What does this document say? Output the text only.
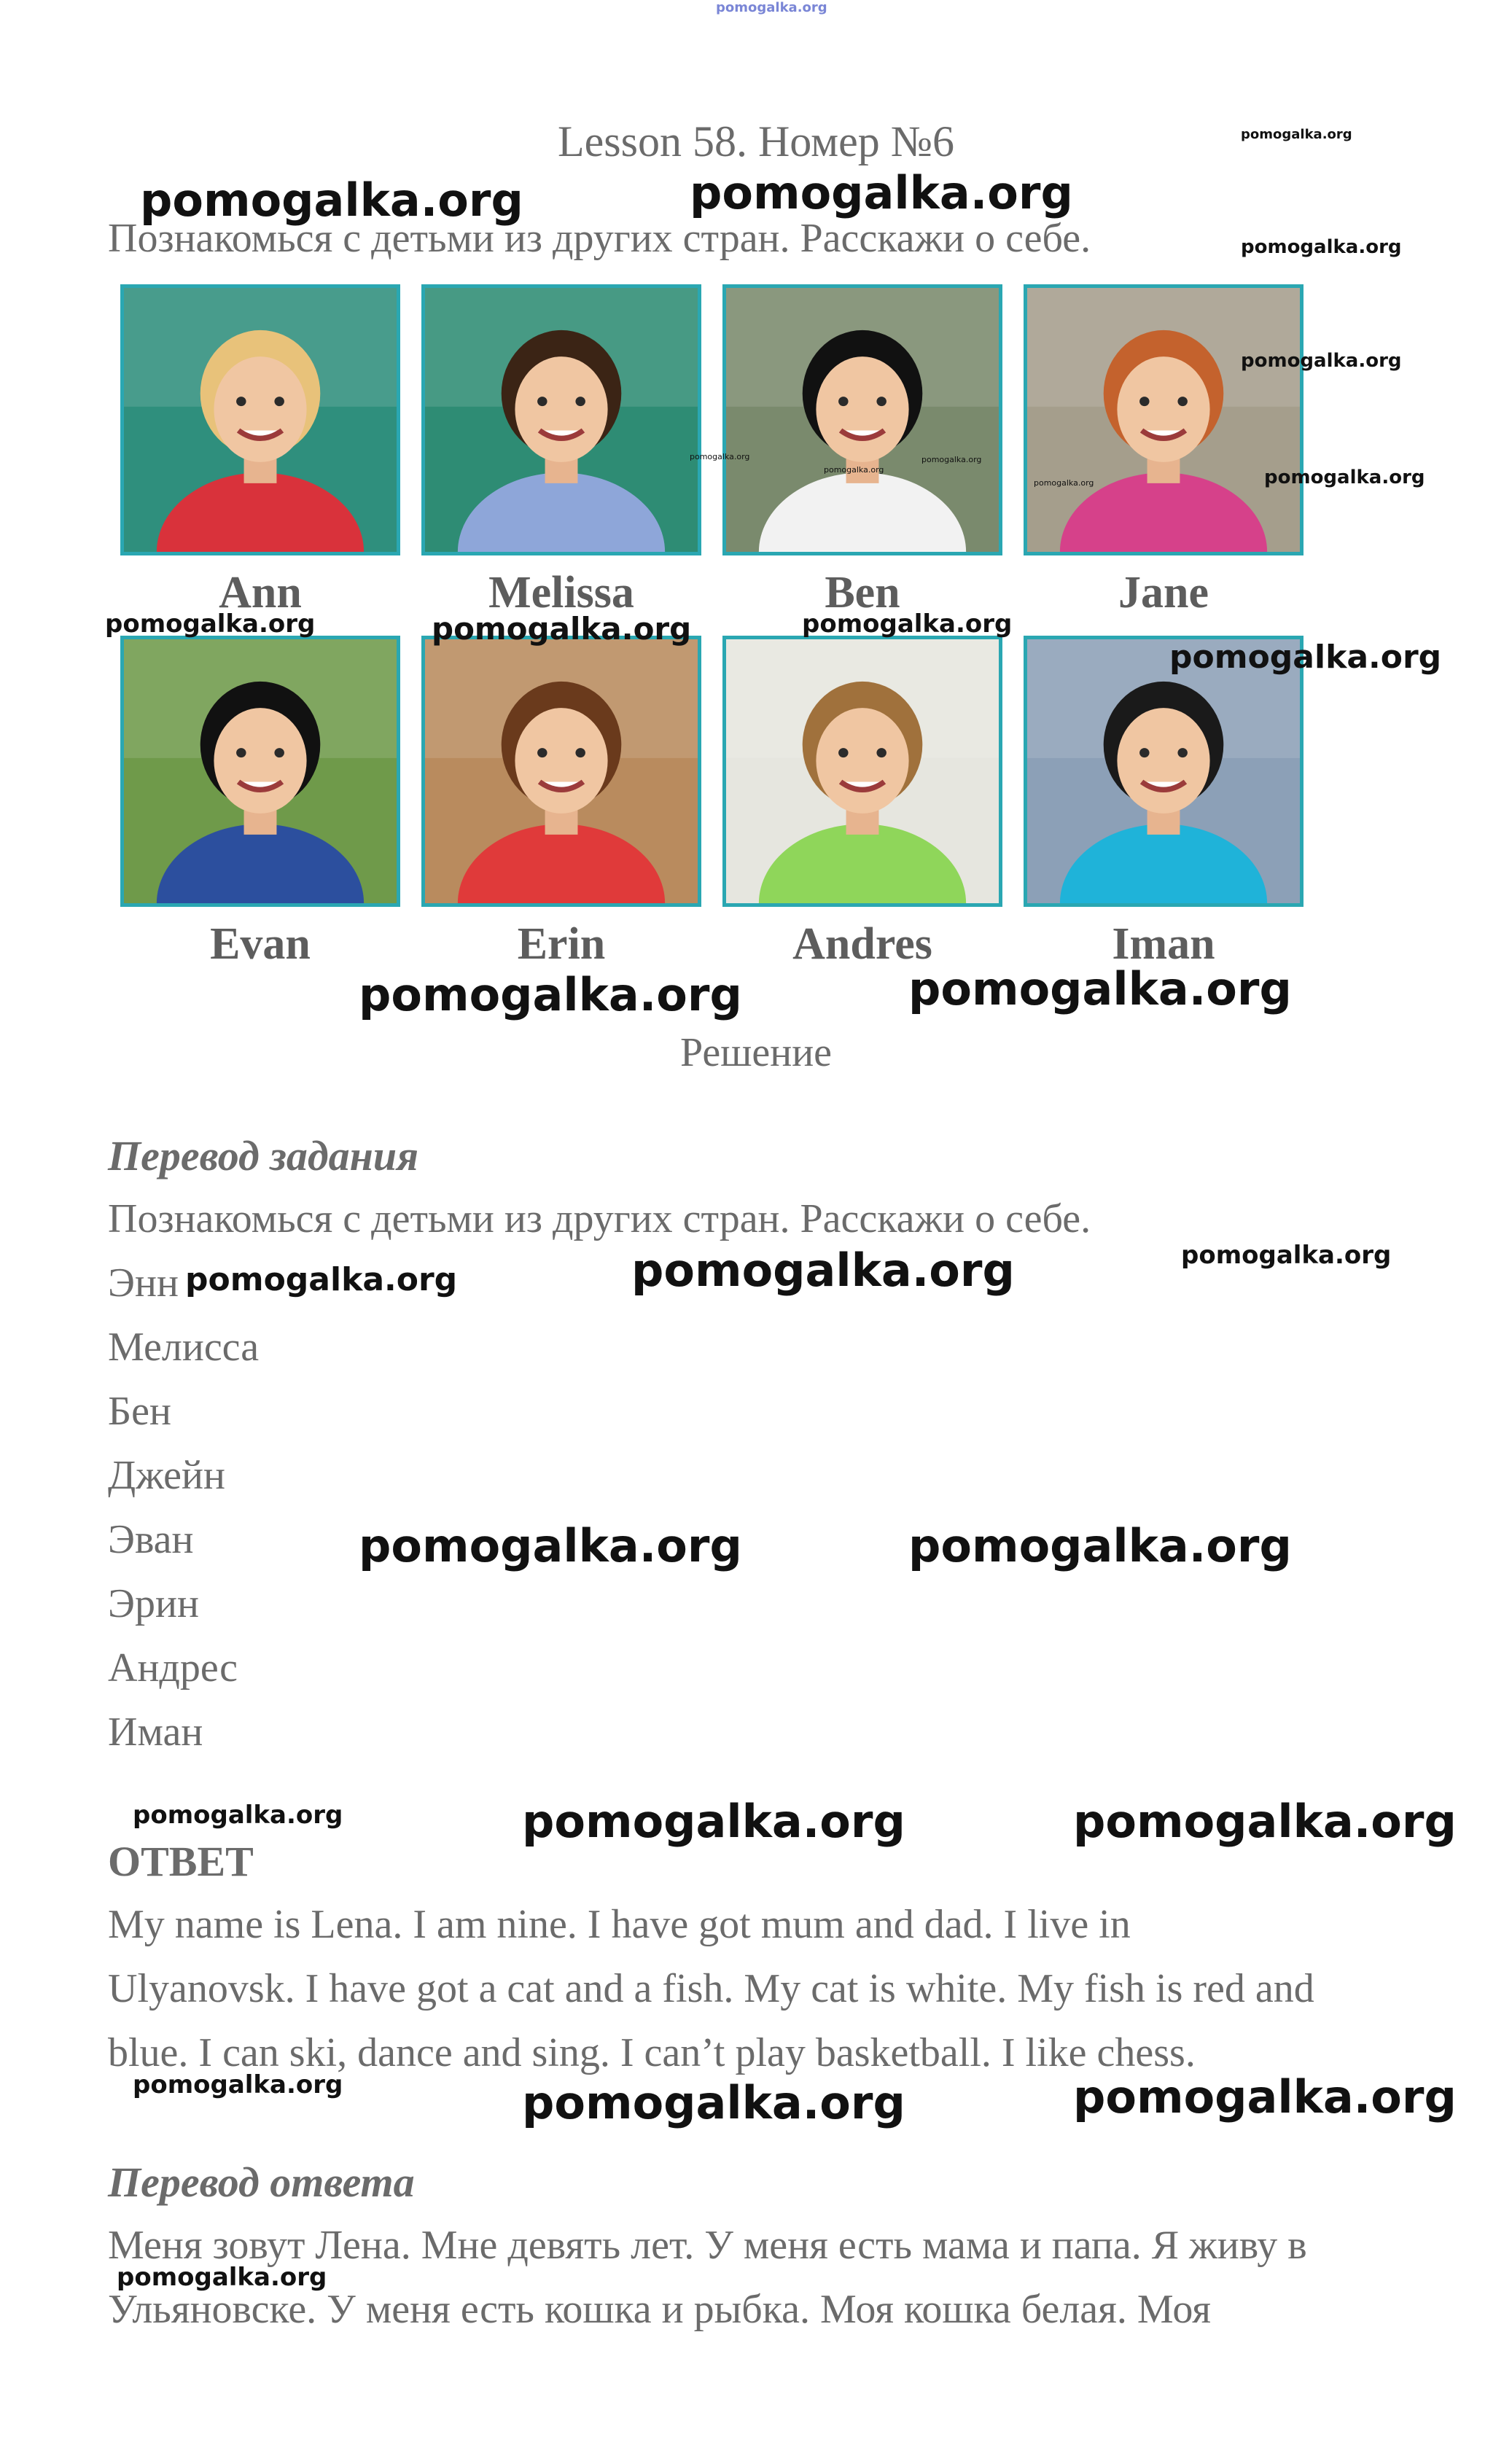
pomogalka.org
Lesson 58. Номер №6
Познакомься с детьми из других стран. Расскажи о себе.
Ann	Melissa	Ben	Jane
Evan	Erin	Andres	Iman
Решение
Перевод задания
Познакомься с детьми из других стран. Расскажи о себе.
Энн
Мелисса
Бен
Джейн
Эван
Эрин
Андрес
Иман
ОТВЕТ
My name is Lena. I am nine. I have got mum and dad. I live in
Ulyanovsk. I have got a cat and a fish. My cat is white. My fish is red and
blue. I can ski, dance and sing. I can’t play basketball. I like chess.
Перевод ответа
Меня зовут Лена. Мне девять лет. У меня есть мама и папа. Я живу в
Ульяновске. У меня есть кошка и рыбка. Моя кошка белая. Моя
pomogalka.org
pomogalka.org	pomogalka.org
pomogalka.org
pomogalka.org
pomogalka.org
pomogalka.org
pomogalka.org
pomogalka.org
pomogalka.org
pomogalka.org	pomogalka.org	pomogalka.org
pomogalka.org
pomogalka.org	pomogalka.org
pomogalka.org	pomogalka.org	pomogalka.org
pomogalka.org	pomogalka.org
pomogalka.org	pomogalka.org	pomogalka.org
pomogalka.org	pomogalka.org	pomogalka.org
pomogalka.org
